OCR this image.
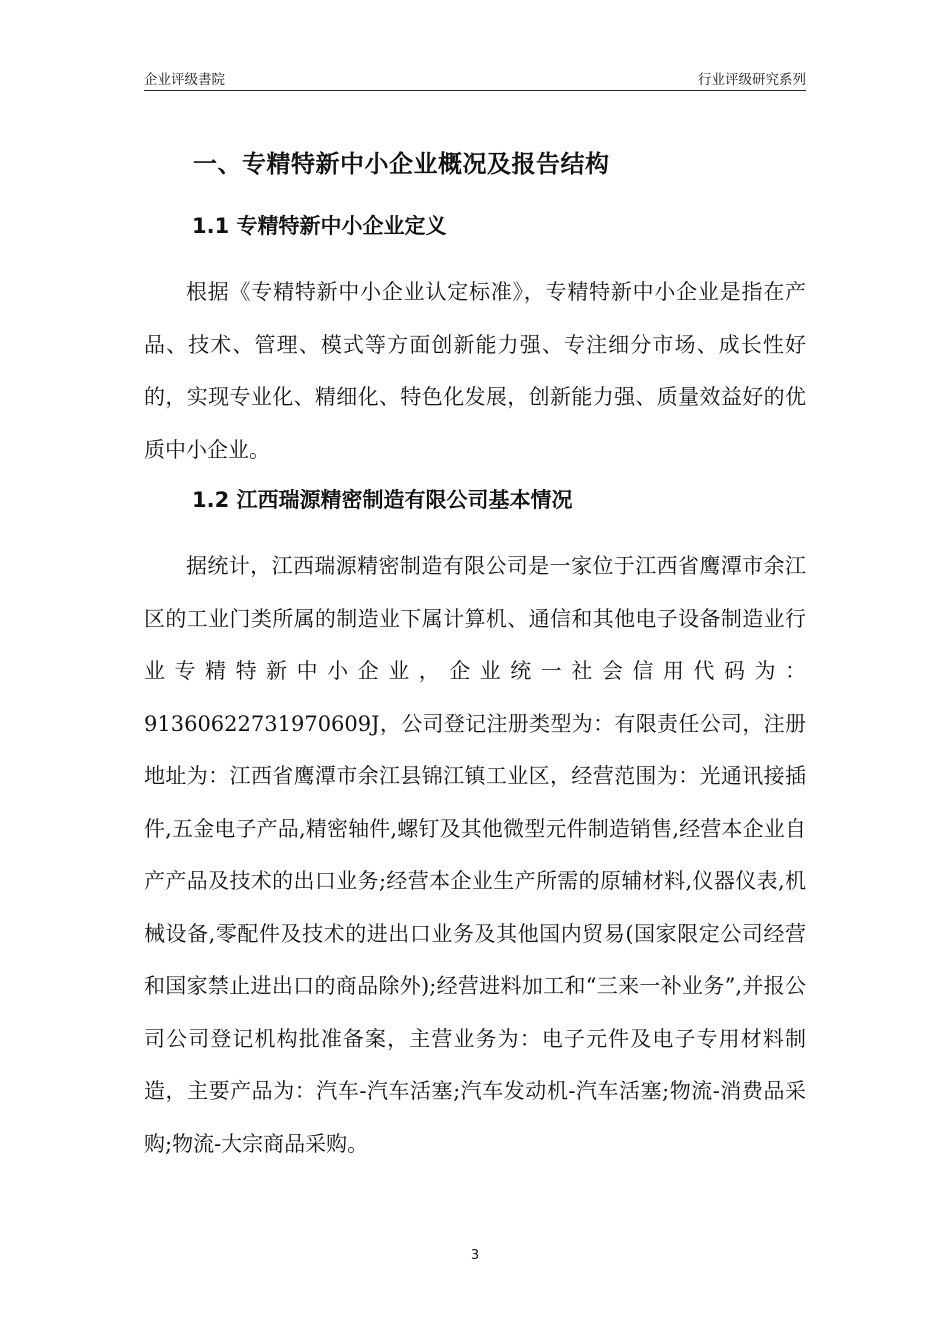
企业评级書院	行业评级研究系列
一、专精特新中小企业概况及报告结构
1.1 专精特新中小企业定义

根据《专精特新中小企业认定标准》，专精特新中小企业是指在产品、技术、管理、模式等方面创新能力强、专注细分市场、成长性好的，实现专业化、精细化、特色化发展，创新能力强、质量效益好的优质中小企业。

1.2 江西瑞源精密制造有限公司基本情况

据统计，江西瑞源精密制造有限公司是一家位于江西省鹰潭市余江区的工业门类所属的制造业下属计算机、通信和其他电子设备制造业行业专精特新中小企业，企业统一社会信用代码为：913606227319706​09J，公司登记注册类型为：有限责任公司，注册地址为：江西省鹰潭市余江县锦江镇工业区，经营范围为：光通讯接插件,五金电子产品,精密轴件,螺钉及其他微型元件制造销售,经营本企业自产产品及技术的出口业务;经营本企业生产所需的原辅材料,仪器仪表,机械设备,零配件及技术的进出口业务及其他国内贸易(国家限定公司经营和国家禁止进出口的商品除外);经营进料加工和“三来一补业务”,并报公司公司登记机构批准备案，主营业务为：电子元件及电子专用材料制造，主要产品为：汽车-汽车活塞;汽车发动机-汽车活塞;物流-消费品采购;物流-大宗商品采购。

3
